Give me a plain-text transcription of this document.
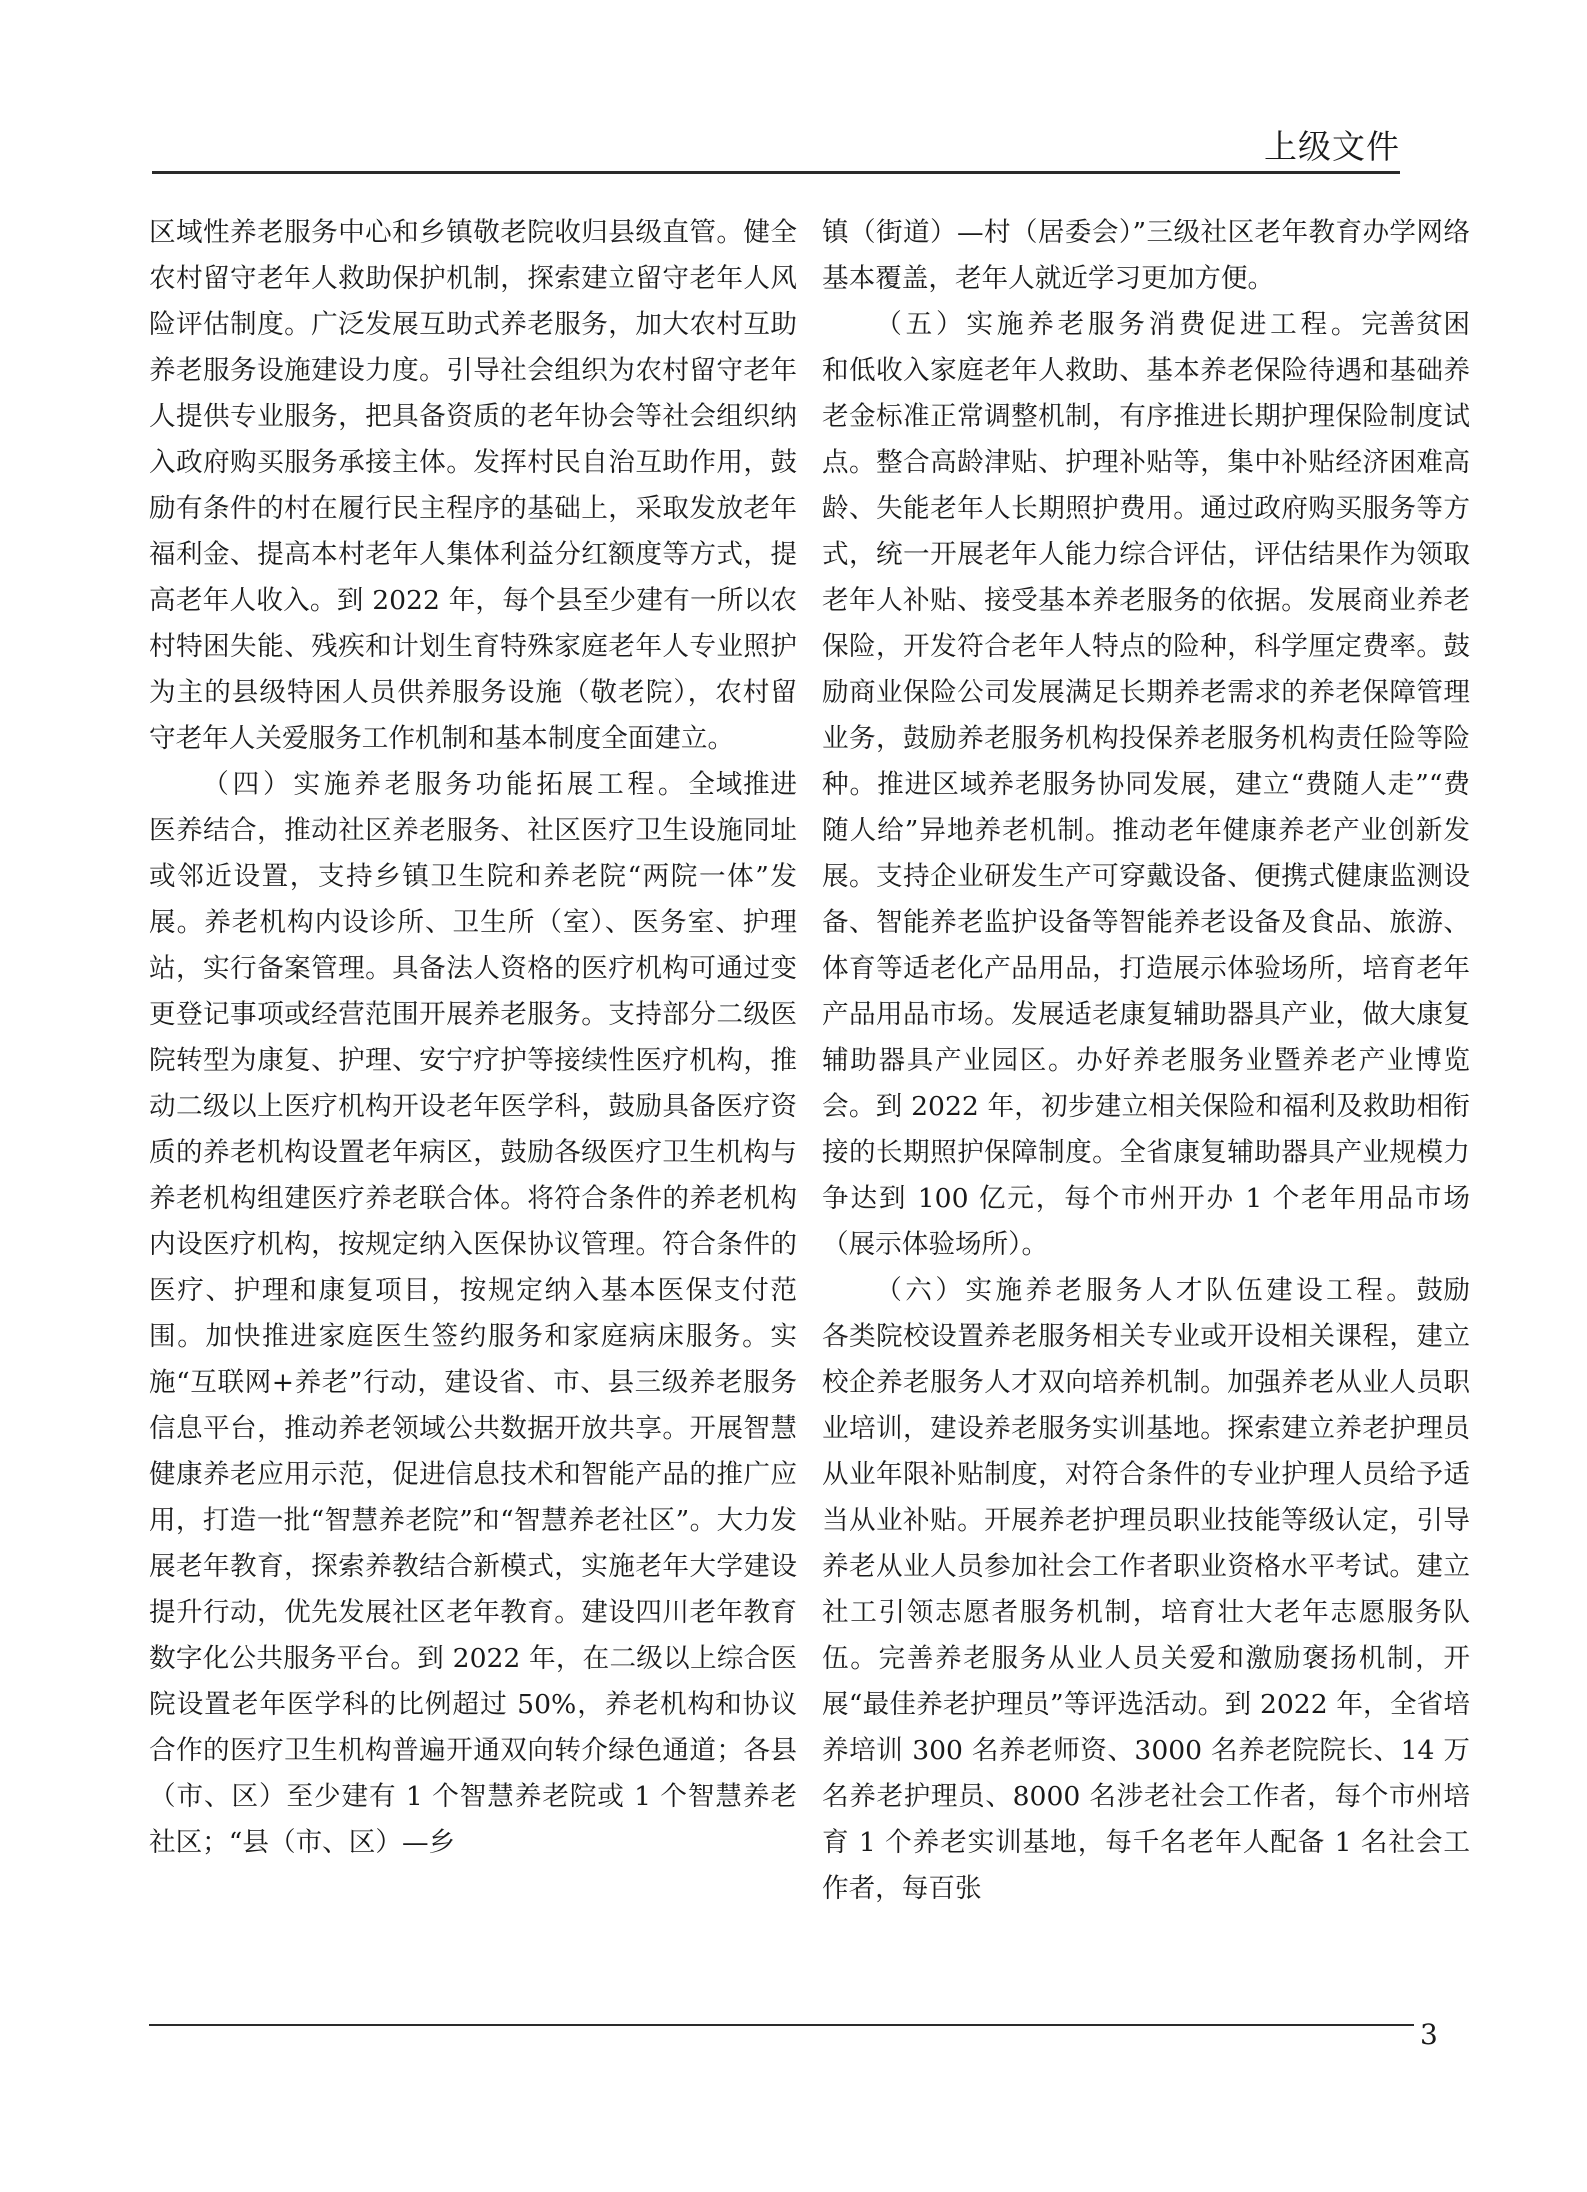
上级文件

区域性养老服务中心和乡镇敬老院收归县级直管。健全农村留守老年人救助保护机制，探索建立留守老年人风险评估制度。广泛发展互助式养老服务，加大农村互助养老服务设施建设力度。引导社会组织为农村留守老年人提供专业服务，把具备资质的老年协会等社会组织纳入政府购买服务承接主体。发挥村民自治互助作用，鼓励有条件的村在履行民主程序的基础上，采取发放老年福利金、提高本村老年人集体利益分红额度等方式，提高老年人收入。到 2022 年，每个县至少建有一所以农村特困失能、残疾和计划生育特殊家庭老年人专业照护为主的县级特困人员供养服务设施（敬老院），农村留守老年人关爱服务工作机制和基本制度全面建立。

（四）实施养老服务功能拓展工程。全域推进医养结合，推动社区养老服务、社区医疗卫生设施同址或邻近设置，支持乡镇卫生院和养老院“两院一体”发展。养老机构内设诊所、卫生所（室）、医务室、护理站，实行备案管理。具备法人资格的医疗机构可通过变更登记事项或经营范围开展养老服务。支持部分二级医院转型为康复、护理、安宁疗护等接续性医疗机构，推动二级以上医疗机构开设老年医学科，鼓励具备医疗资质的养老机构设置老年病区，鼓励各级医疗卫生机构与养老机构组建医疗养老联合体。将符合条件的养老机构内设医疗机构，按规定纳入医保协议管理。符合条件的医疗、护理和康复项目，按规定纳入基本医保支付范围。加快推进家庭医生签约服务和家庭病床服务。实施“互联网+养老”行动，建设省、市、县三级养老服务信息平台，推动养老领域公共数据开放共享。开展智慧健康养老应用示范，促进信息技术和智能产品的推广应用，打造一批“智慧养老院”和“智慧养老社区”。大力发展老年教育，探索养教结合新模式，实施老年大学建设提升行动，优先发展社区老年教育。建设四川老年教育数字化公共服务平台。到 2022 年，在二级以上综合医院设置老年医学科的比例超过 50%，养老机构和协议合作的医疗卫生机构普遍开通双向转介绿色通道；各县（市、区）至少建有 1 个智慧养老院或 1 个智慧养老社区；“县（市、区）—乡

镇（街道）—村（居委会）”三级社区老年教育办学网络基本覆盖，老年人就近学习更加方便。

（五）实施养老服务消费促进工程。完善贫困和低收入家庭老年人救助、基本养老保险待遇和基础养老金标准正常调整机制，有序推进长期护理保险制度试点。整合高龄津贴、护理补贴等，集中补贴经济困难高龄、失能老年人长期照护费用。通过政府购买服务等方式，统一开展老年人能力综合评估，评估结果作为领取老年人补贴、接受基本养老服务的依据。发展商业养老保险，开发符合老年人特点的险种，科学厘定费率。鼓励商业保险公司发展满足长期养老需求的养老保障管理业务，鼓励养老服务机构投保养老服务机构责任险等险种。推进区域养老服务协同发展，建立“费随人走”“费随人给”异地养老机制。推动老年健康养老产业创新发展。支持企业研发生产可穿戴设备、便携式健康监测设备、智能养老监护设备等智能养老设备及食品、旅游、体育等适老化产品用品，打造展示体验场所，培育老年产品用品市场。发展适老康复辅助器具产业，做大康复辅助器具产业园区。办好养老服务业暨养老产业博览会。到 2022 年，初步建立相关保险和福利及救助相衔接的长期照护保障制度。全省康复辅助器具产业规模力争达到 100 亿元，每个市州开办 1 个老年用品市场（展示体验场所）。

（六）实施养老服务人才队伍建设工程。鼓励各类院校设置养老服务相关专业或开设相关课程，建立校企养老服务人才双向培养机制。加强养老从业人员职业培训，建设养老服务实训基地。探索建立养老护理员从业年限补贴制度，对符合条件的专业护理人员给予适当从业补贴。开展养老护理员职业技能等级认定，引导养老从业人员参加社会工作者职业资格水平考试。建立社工引领志愿者服务机制，培育壮大老年志愿服务队伍。完善养老服务从业人员关爱和激励褒扬机制，开展“最佳养老护理员”等评选活动。到 2022 年，全省培养培训 300 名养老师资、3000 名养老院院长、14 万名养老护理员、8000 名涉老社会工作者，每个市州培育 1 个养老实训基地，每千名老年人配备 1 名社会工作者，每百张

3
